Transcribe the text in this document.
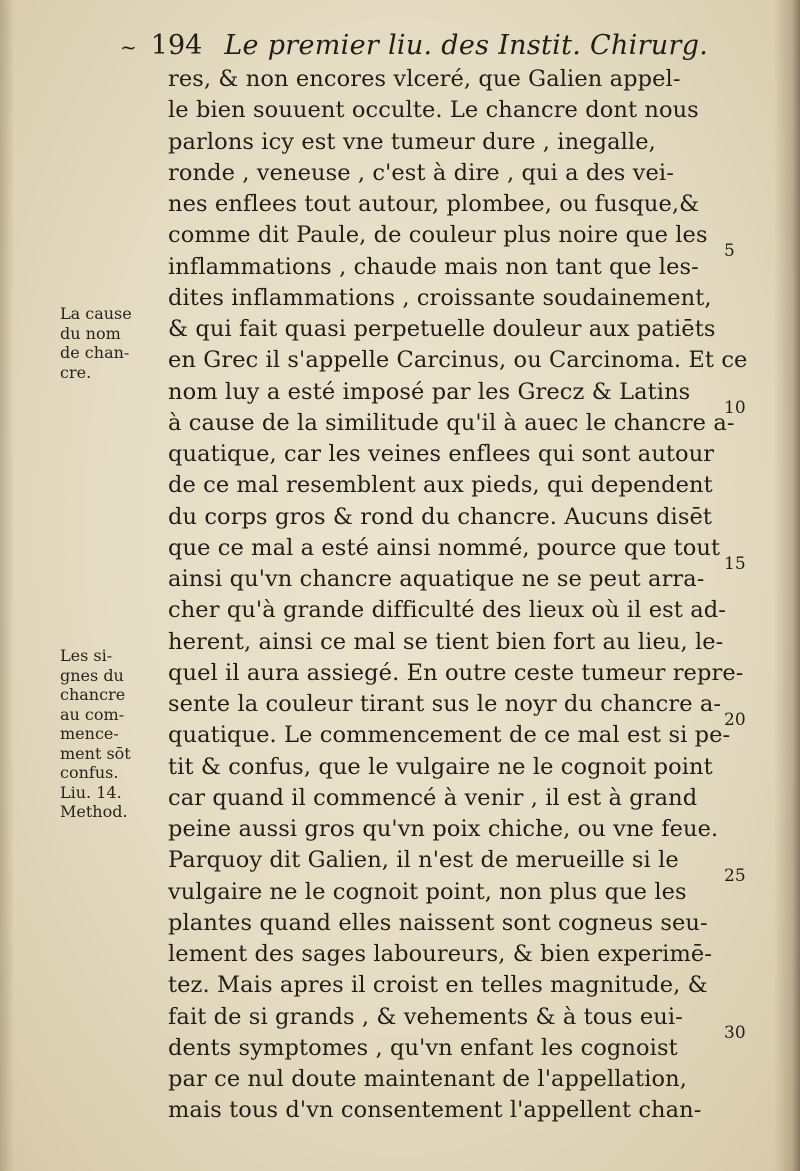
~ 194 Le premier liu. des Instit. Chirurg.
res, & non encores vlceré, que Galien appel-
le bien souuent occulte. Le chancre dont nous
parlons icy est vne tumeur dure , inegalle,
ronde , veneuse , c'est à dire , qui a des vei-
nes enflees tout autour, plombee, ou fusque,&
comme dit Paule, de couleur plus noire que les
inflammations , chaude mais non tant que les-
dites inflammations , croissante soudainement,
& qui fait quasi perpetuelle douleur aux patiēts
en Grec il s'appelle Carcinus, ou Carcinoma. Et ce
nom luy a esté imposé par les Grecz & Latins
à cause de la similitude qu'il à auec le chancre a-
quatique, car les veines enflees qui sont autour
de ce mal resemblent aux pieds, qui dependent
du corps gros & rond du chancre. Aucuns disēt
que ce mal a esté ainsi nommé, pource que tout
ainsi qu'vn chancre aquatique ne se peut arra-
cher qu'à grande difficulté des lieux où il est ad-
herent, ainsi ce mal se tient bien fort au lieu, le-
quel il aura assiegé. En outre ceste tumeur repre-
sente la couleur tirant sus le noyr du chancre a-
quatique. Le commencement de ce mal est si pe-
tit & confus, que le vulgaire ne le cognoit point
car quand il commencé à venir , il est à grand
peine aussi gros qu'vn poix chiche, ou vne feue.
Parquoy dit Galien, il n'est de merueille si le
vulgaire ne le cognoit point, non plus que les
plantes quand elles naissent sont cogneus seu-
lement des sages laboureurs, & bien experimē-
tez. Mais apres il croist en telles magnitude, &
fait de si grands , & vehements & à tous eui-
dents symptomes , qu'vn enfant les cognoist
par ce nul doute maintenant de l'appellation,
mais tous d'vn consentement l'appellent chan-
La cause
du nom
de chan-
cre.
Les si-
gnes du
chancre
au com-
mence-
ment sōt
confus.
Liu. 14.
Method.
5
10
15
20
25
30
